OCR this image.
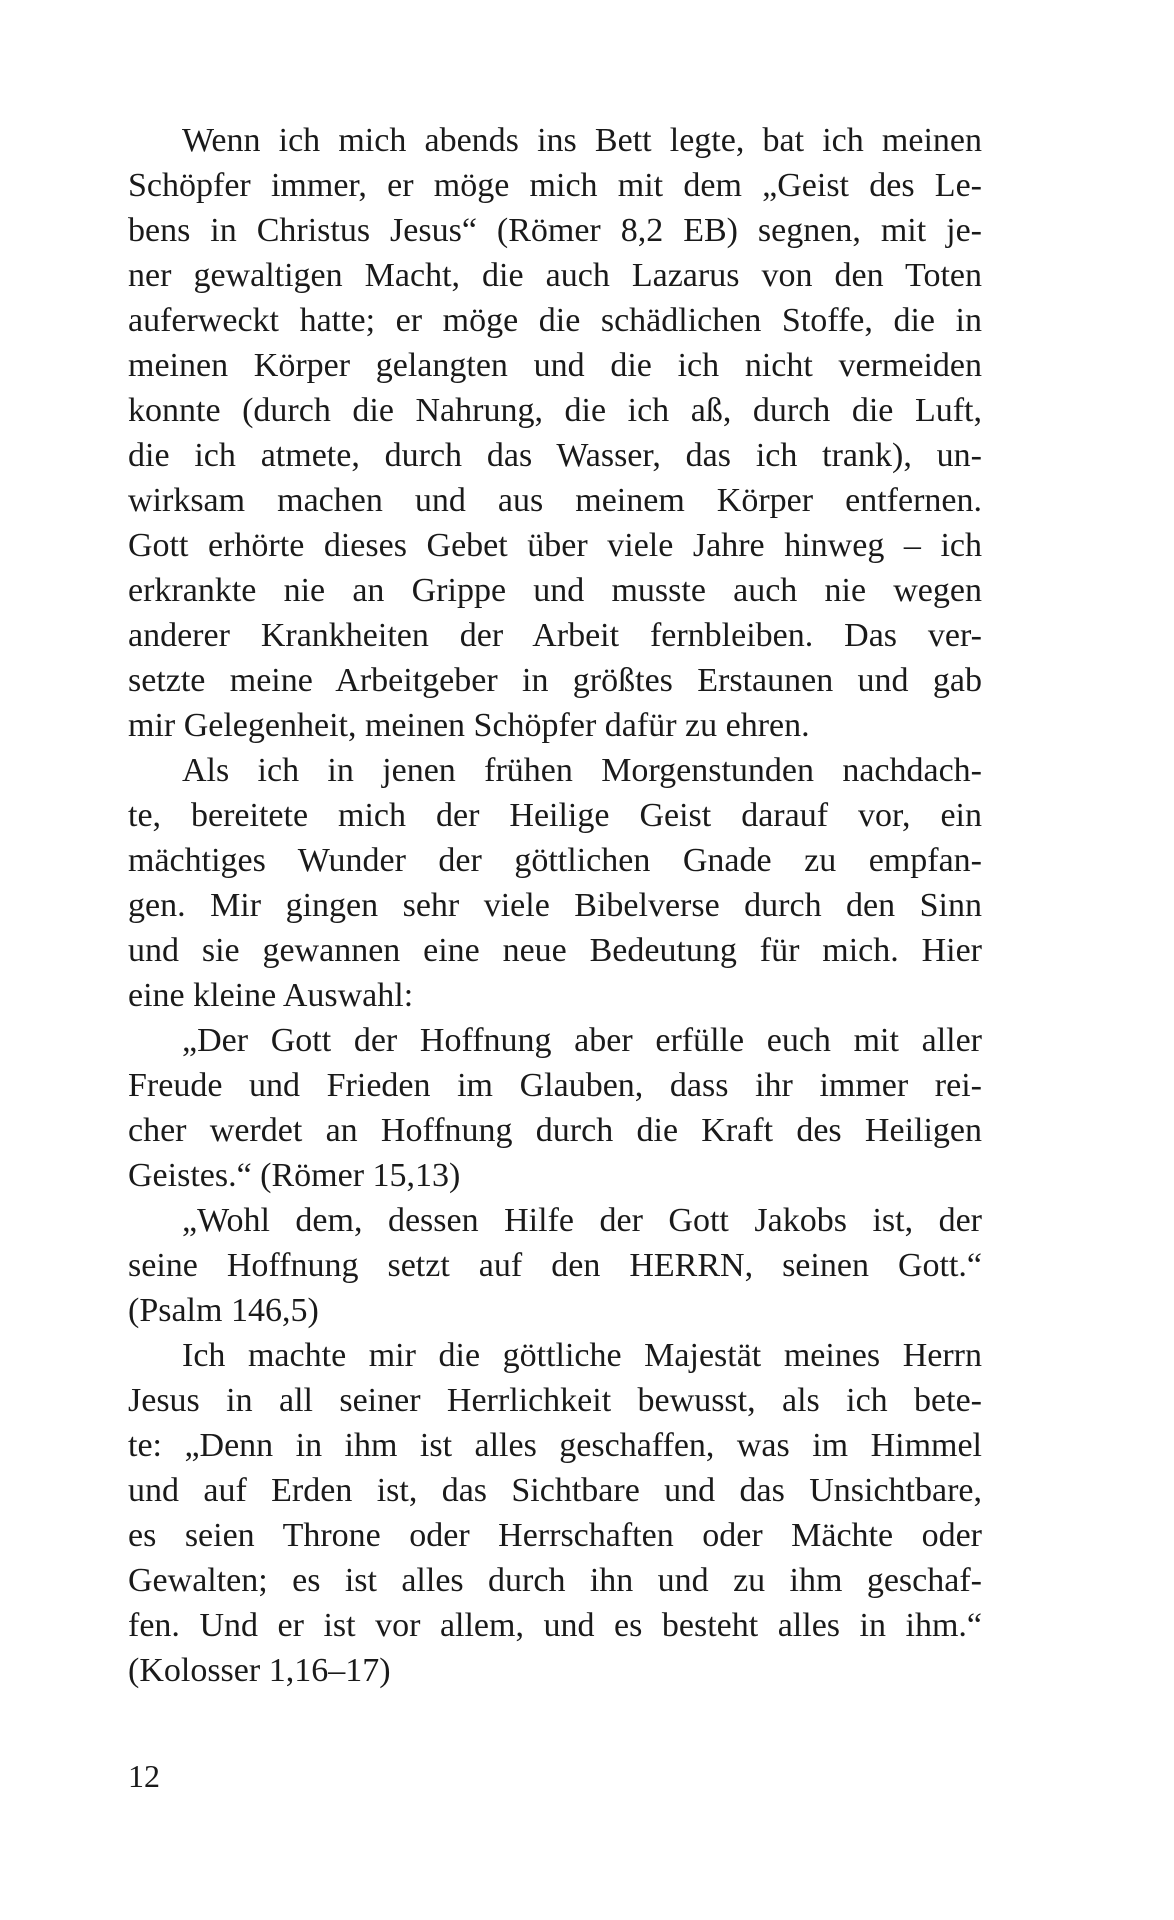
Wenn ich mich abends ins Bett legte, bat ich meinen
Schöpfer immer, er möge mich mit dem „Geist des Le-
bens in Christus Jesus“ (Römer 8,2 EB) segnen, mit je-
ner gewaltigen Macht, die auch Lazarus von den Toten
auferweckt hatte; er möge die schädlichen Stoffe, die in
meinen Körper gelangten und die ich nicht vermeiden
konnte (durch die Nahrung, die ich aß, durch die Luft,
die ich atmete, durch das Wasser, das ich trank), un-
wirksam machen und aus meinem Körper entfernen.
Gott erhörte dieses Gebet über viele Jahre hinweg – ich
erkrankte nie an Grippe und musste auch nie wegen
anderer Krankheiten der Arbeit fernbleiben. Das ver-
setzte meine Arbeitgeber in größtes Erstaunen und gab
mir Gelegenheit, meinen Schöpfer dafür zu ehren.

Als ich in jenen frühen Morgenstunden nachdach-
te, bereitete mich der Heilige Geist darauf vor, ein
mächtiges Wunder der göttlichen Gnade zu empfan-
gen. Mir gingen sehr viele Bibelverse durch den Sinn
und sie gewannen eine neue Bedeutung für mich. Hier
eine kleine Auswahl:

„Der Gott der Hoffnung aber erfülle euch mit aller
Freude und Frieden im Glauben, dass ihr immer rei-
cher werdet an Hoffnung durch die Kraft des Heiligen
Geistes.“ (Römer 15,13)

„Wohl dem, dessen Hilfe der Gott Jakobs ist, der
seine Hoffnung setzt auf den HERRN, seinen Gott.“
(Psalm 146,5)

Ich machte mir die göttliche Majestät meines Herrn
Jesus in all seiner Herrlichkeit bewusst, als ich bete-
te: „Denn in ihm ist alles geschaffen, was im Himmel
und auf Erden ist, das Sichtbare und das Unsichtbare,
es seien Throne oder Herrschaften oder Mächte oder
Gewalten; es ist alles durch ihn und zu ihm geschaf-
fen. Und er ist vor allem, und es besteht alles in ihm.“
(Kolosser 1,16–17)

12
